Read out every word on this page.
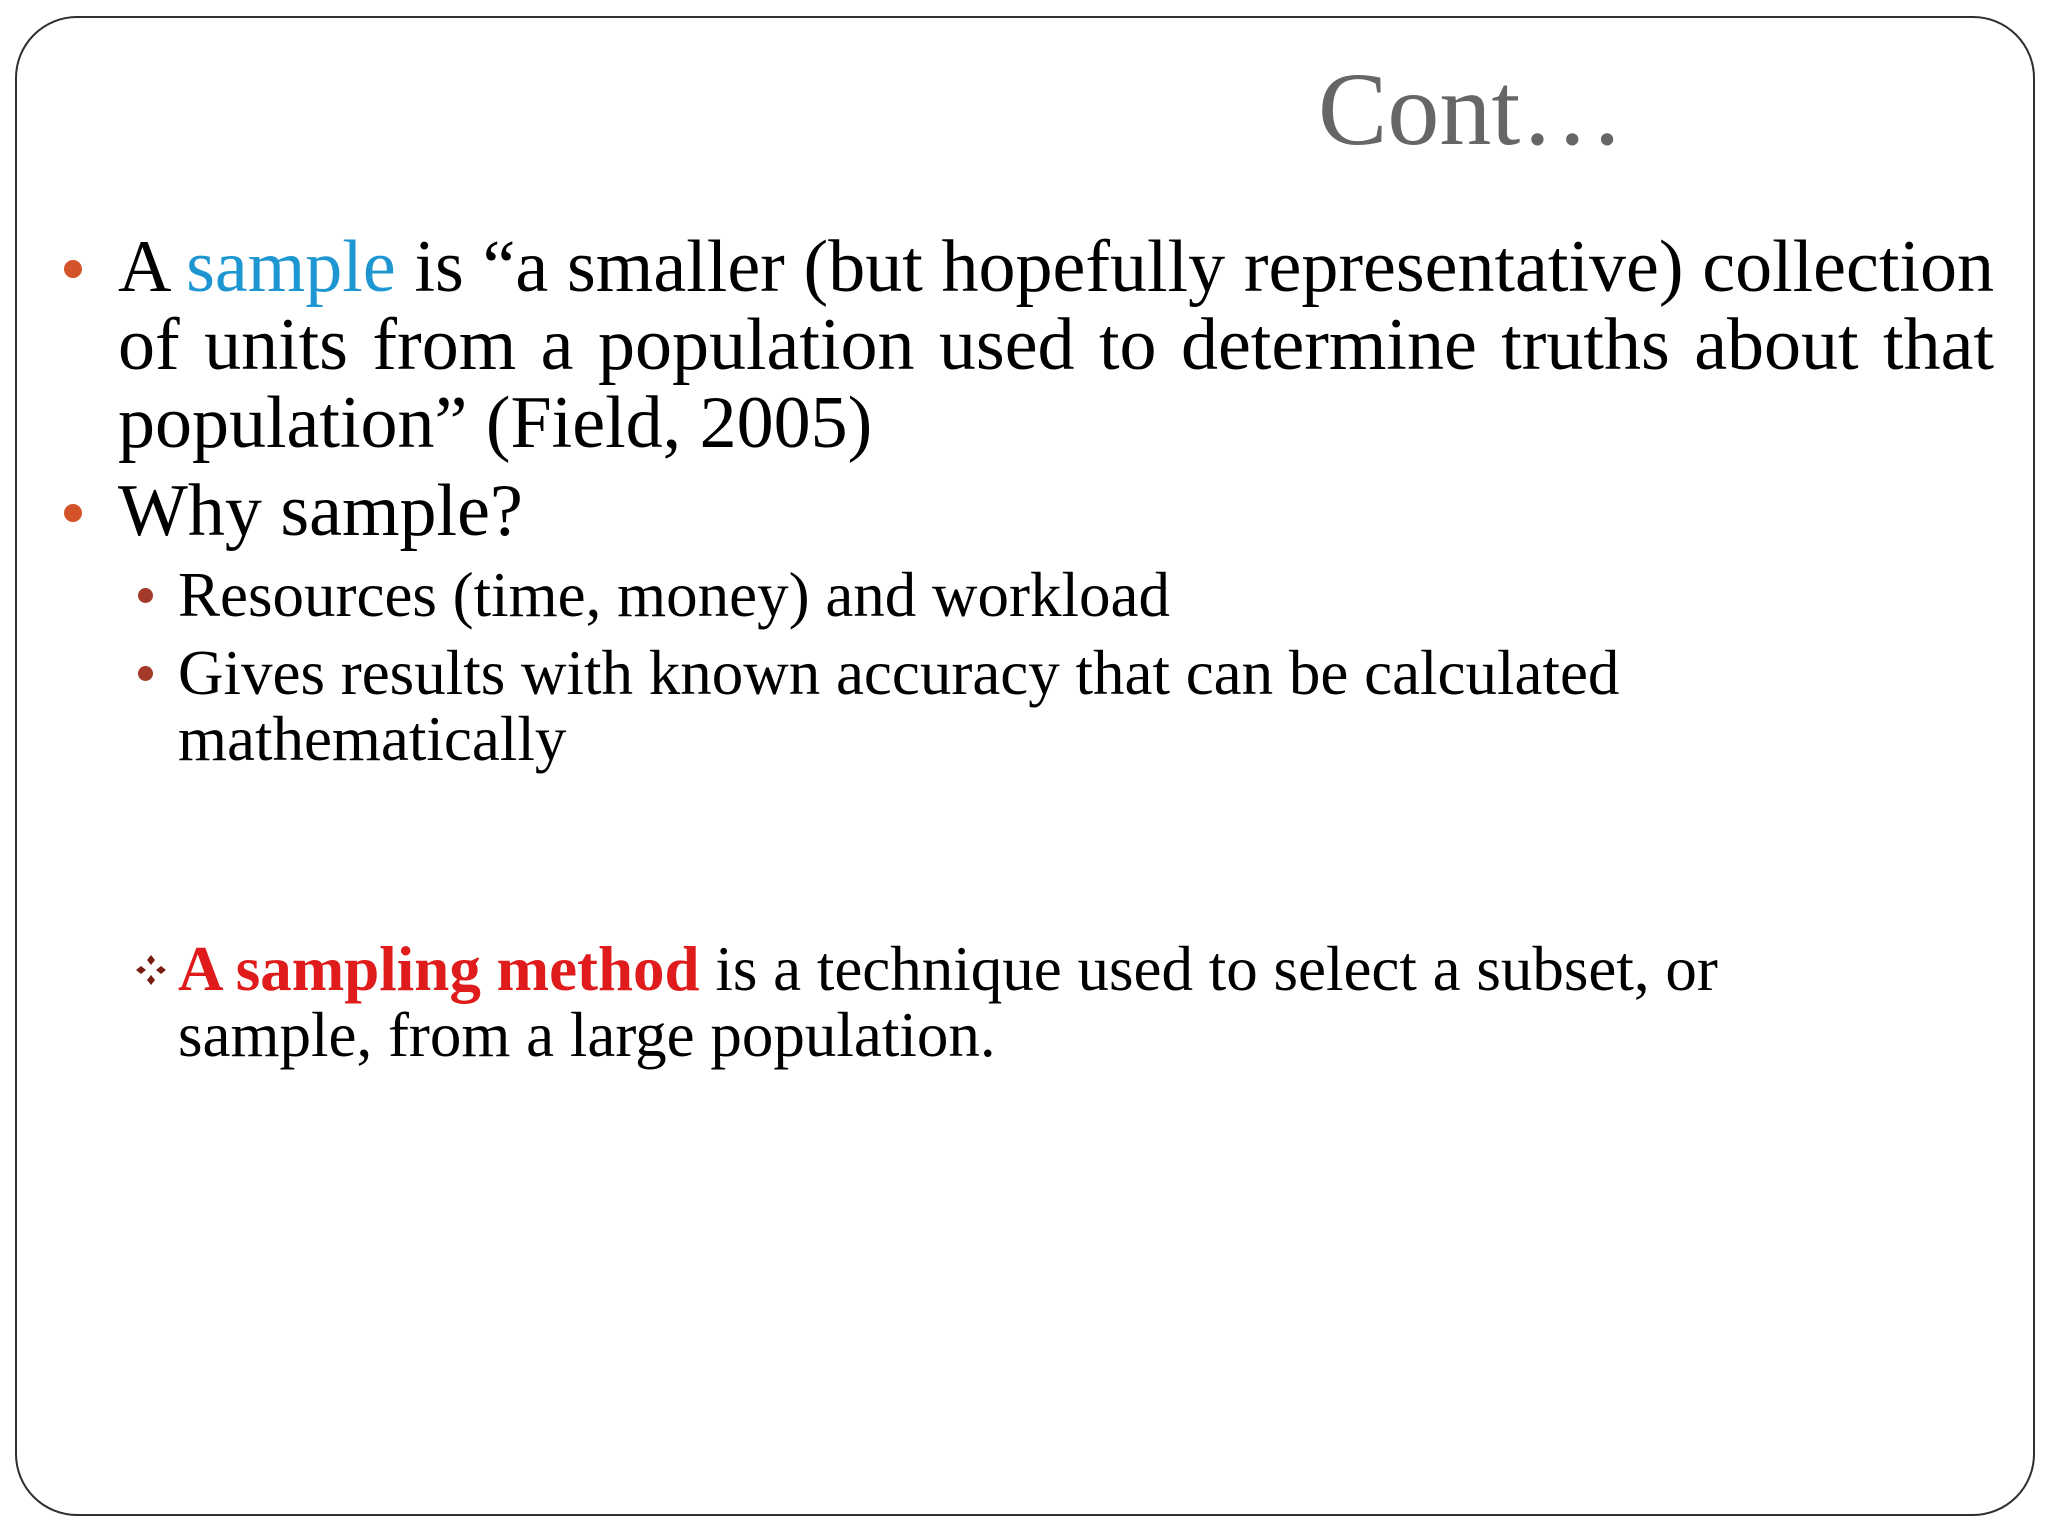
Cont…
A sample is “a smaller (but hopefully representative) collection of units from a population used to determine truths about that population” (Field, 2005)
Why sample?
Resources (time, money) and workload
Gives results with known accuracy that can be calculated mathematically
A sampling method is a technique used to select a subset, or sample, from a large population.
